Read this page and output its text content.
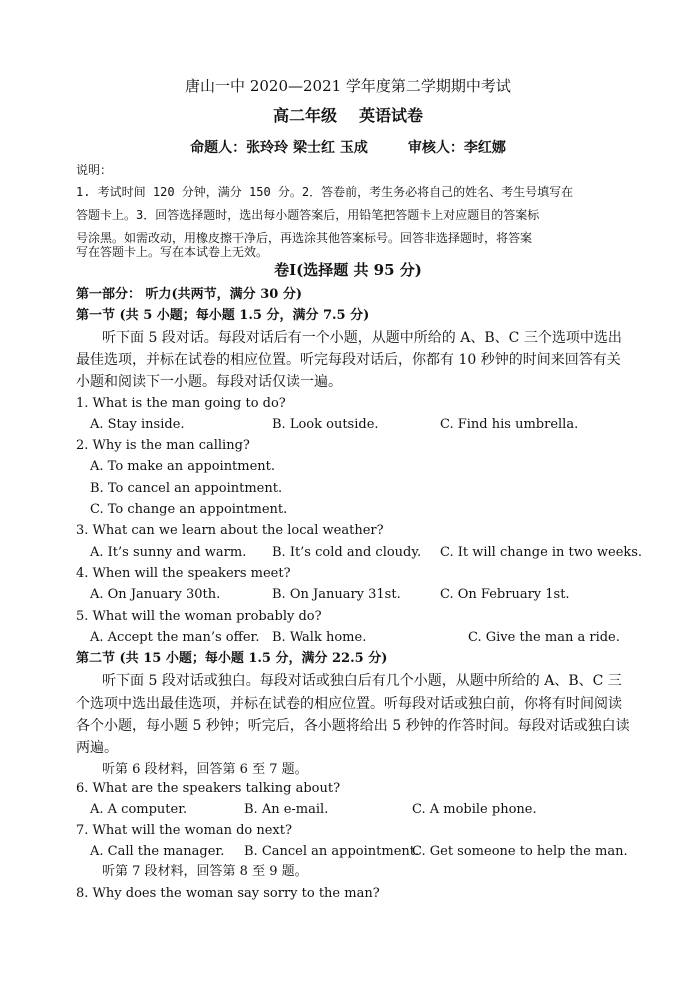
唐山一中 2020—2021 学年度第二学期期中考试
高二年级 英语试卷
命题人：张玲玲 梁士红 玉成	审核人：李红娜
说明：
1. 考试时间 120 分钟，满分 150 分。2．答卷前，考生务必将自己的姓名、考生号填写在
答题卡上。3．回答选择题时，选出每小题答案后，用铅笔把答题卡上对应题目的答案标
号涂黑。如需改动，用橡皮擦干净后，再选涂其他答案标号。回答非选择题时，将答案
写在答题卡上。写在本试卷上无效。
卷Ⅰ(选择题 共 95 分)
第一部分： 听力(共两节，满分 30 分)
第一节 (共 5 小题；每小题 1.5 分，满分 7.5 分)
听下面 5 段对话。每段对话后有一个小题，从题中所给的 A、B、C 三个选项中选出
最佳选项，并标在试卷的相应位置。听完每段对话后，你都有 10 秒钟的时间来回答有关
小题和阅读下一小题。每段对话仅读一遍。
1. What is the man going to do?
A. Stay inside.	B. Look outside.	C. Find his umbrella.
2. Why is the man calling?
A. To make an appointment.
B. To cancel an appointment.
C. To change an appointment.
3. What can we learn about the local weather?
A. It’s sunny and warm. B. It’s cold and cloudy. C. It will change in two weeks.
4. When will the speakers meet?
A. On January 30th.	B. On January 31st.	C. On February 1st.
5. What will the woman probably do?
A. Accept the man’s offer. B. Walk home.	C. Give the man a ride.
第二节 (共 15 小题；每小题 1.5 分，满分 22.5 分)
听下面 5 段对话或独白。每段对话或独白后有几个小题，从题中所给的 A、B、C 三
个选项中选出最佳选项，并标在试卷的相应位置。听每段对话或独白前，你将有时间阅读
各个小题，每小题 5 秒钟；听完后，各小题将给出 5 秒钟的作答时间。每段对话或独白读
两遍。
听第 6 段材料，回答第 6 至 7 题。
6. What are the speakers talking about?
A. A computer.	B. An e-mail.	C. A mobile phone.
7. What will the woman do next?
A. Call the manager. B. Cancel an appointment.
C. Get someone to help the man.
听第 7 段材料，回答第 8 至 9 题。
8. Why does the woman say sorry to the man?
